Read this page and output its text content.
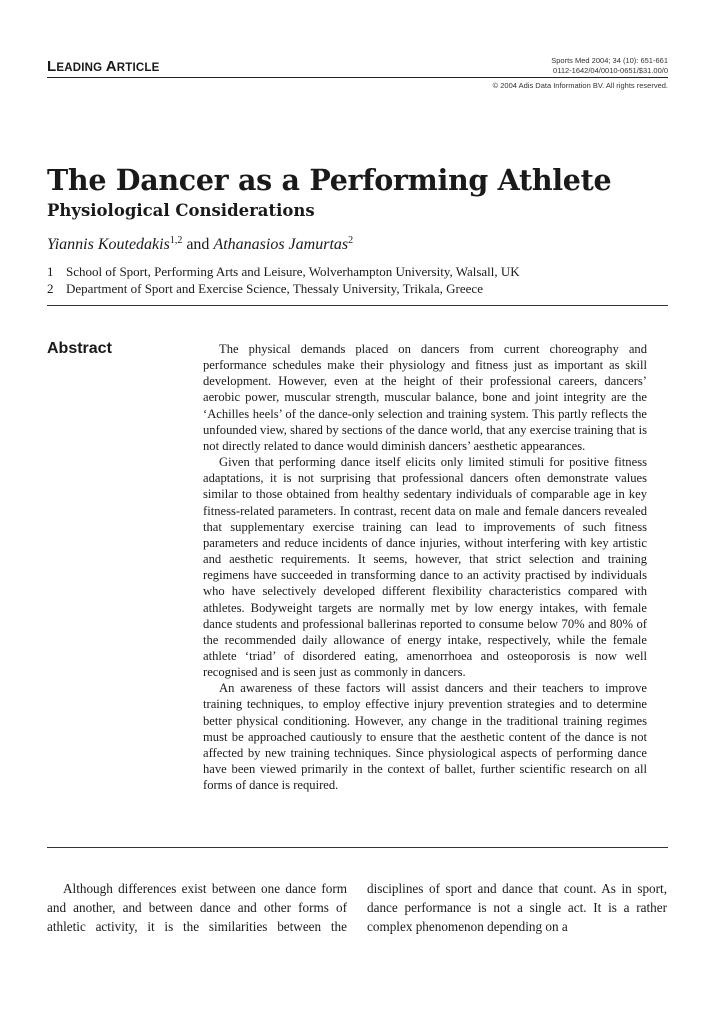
LEADING ARTICLE
Sports Med 2004; 34 (10): 651-661
0112-1642/04/0010-0651/$31.00/0
© 2004 Adis Data Information BV. All rights reserved.
The Dancer as a Performing Athlete
Physiological Considerations
Yiannis Koutedakis$^{1,2}$ and Athanasios Jamurtas$^2$
1 School of Sport, Performing Arts and Leisure, Wolverhampton University, Walsall, UK
2 Department of Sport and Exercise Science, Thessaly University, Trikala, Greece
Abstract	The physical demands placed on dancers from current choreography and performance schedules make their physiology and fitness just as important as skill development. However, even at the height of their professional careers, dancers’ aerobic power, muscular strength, muscular balance, bone and joint integrity are the ‘Achilles heels’ of the dance-only selection and training system. This partly reflects the unfounded view, shared by sections of the dance world, that any exercise training that is not directly related to dance would diminish dancers’ aesthetic appearances.

Given that performing dance itself elicits only limited stimuli for positive fitness adaptations, it is not surprising that professional dancers often demonstrate values similar to those obtained from healthy sedentary individuals of comparable age in key fitness-related parameters. In contrast, recent data on male and female dancers revealed that supplementary exercise training can lead to improvements of such fitness parameters and reduce incidents of dance injuries, without interfering with key artistic and aesthetic requirements. It seems, however, that strict selection and training regimens have succeeded in transforming dance to an activity practised by individuals who have selectively developed different flexibility characteristics compared with athletes. Bodyweight targets are normally met by low energy intakes, with female dance students and professional ballerinas reported to consume below 70% and 80% of the recommended daily allowance of energy intake, respectively, while the female athlete ‘triad’ of disordered eating, amenorrhoea and osteoporosis is now well recognised and is seen just as commonly in dancers.

An awareness of these factors will assist dancers and their teachers to improve training techniques, to employ effective injury prevention strategies and to determine better physical conditioning. However, any change in the traditional training regimes must be approached cautiously to ensure that the aesthetic content of the dance is not affected by new training techniques. Since physiological aspects of performing dance have been viewed primarily in the context of ballet, further scientific research on all forms of dance is required.

Although differences exist between one dance form and another, and between dance and other forms of athletic activity, it is the similarities between the disciplines of sport and dance that count. As in sport, dance performance is not a single act. It is a rather complex phenomenon depending on a
